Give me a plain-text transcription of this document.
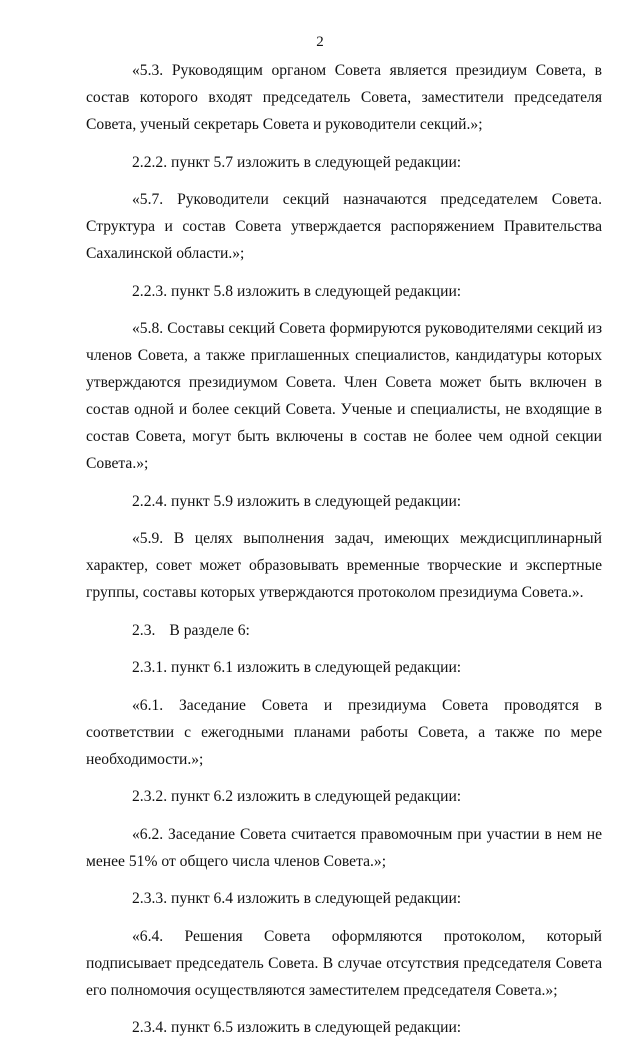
2

«5.3. Руководящим органом Совета является президиум Совета, в состав которого входят председатель Совета, заместители председателя Совета, ученый секретарь Совета и руководители секций.»;

2.2.2. пункт 5.7 изложить в следующей редакции:

«5.7. Руководители секций назначаются председателем Совета. Структура и состав Совета утверждается распоряжением Правительства Сахалинской области.»;

2.2.3. пункт 5.8 изложить в следующей редакции:

«5.8. Составы секций Совета формируются руководителями секций из членов Совета, а также приглашенных специалистов, кандидатуры которых утверждаются президиумом Совета. Член Совета может быть включен в состав одной и более секций Совета. Ученые и специалисты, не входящие в состав Совета, могут быть включены в состав не более чем одной секции Совета.»;

2.2.4. пункт 5.9 изложить в следующей редакции:

«5.9. В целях выполнения задач, имеющих междисциплинарный характер, совет может образовывать временные творческие и экспертные группы, составы которых утверждаются протоколом президиума Совета.».

2.3. В разделе 6:

2.3.1. пункт 6.1 изложить в следующей редакции:

«6.1. Заседание Совета и президиума Совета проводятся в соответствии с ежегодными планами работы Совета, а также по мере необходимости.»;

2.3.2. пункт 6.2 изложить в следующей редакции:

«6.2. Заседание Совета считается правомочным при участии в нем не менее 51% от общего числа членов Совета.»;

2.3.3. пункт 6.4 изложить в следующей редакции:

«6.4. Решения Совета оформляются протоколом, который подписывает председатель Совета. В случае отсутствия председателя Совета его полномочия осуществляются заместителем председателя Совета.»;

2.3.4. пункт 6.5 изложить в следующей редакции:
